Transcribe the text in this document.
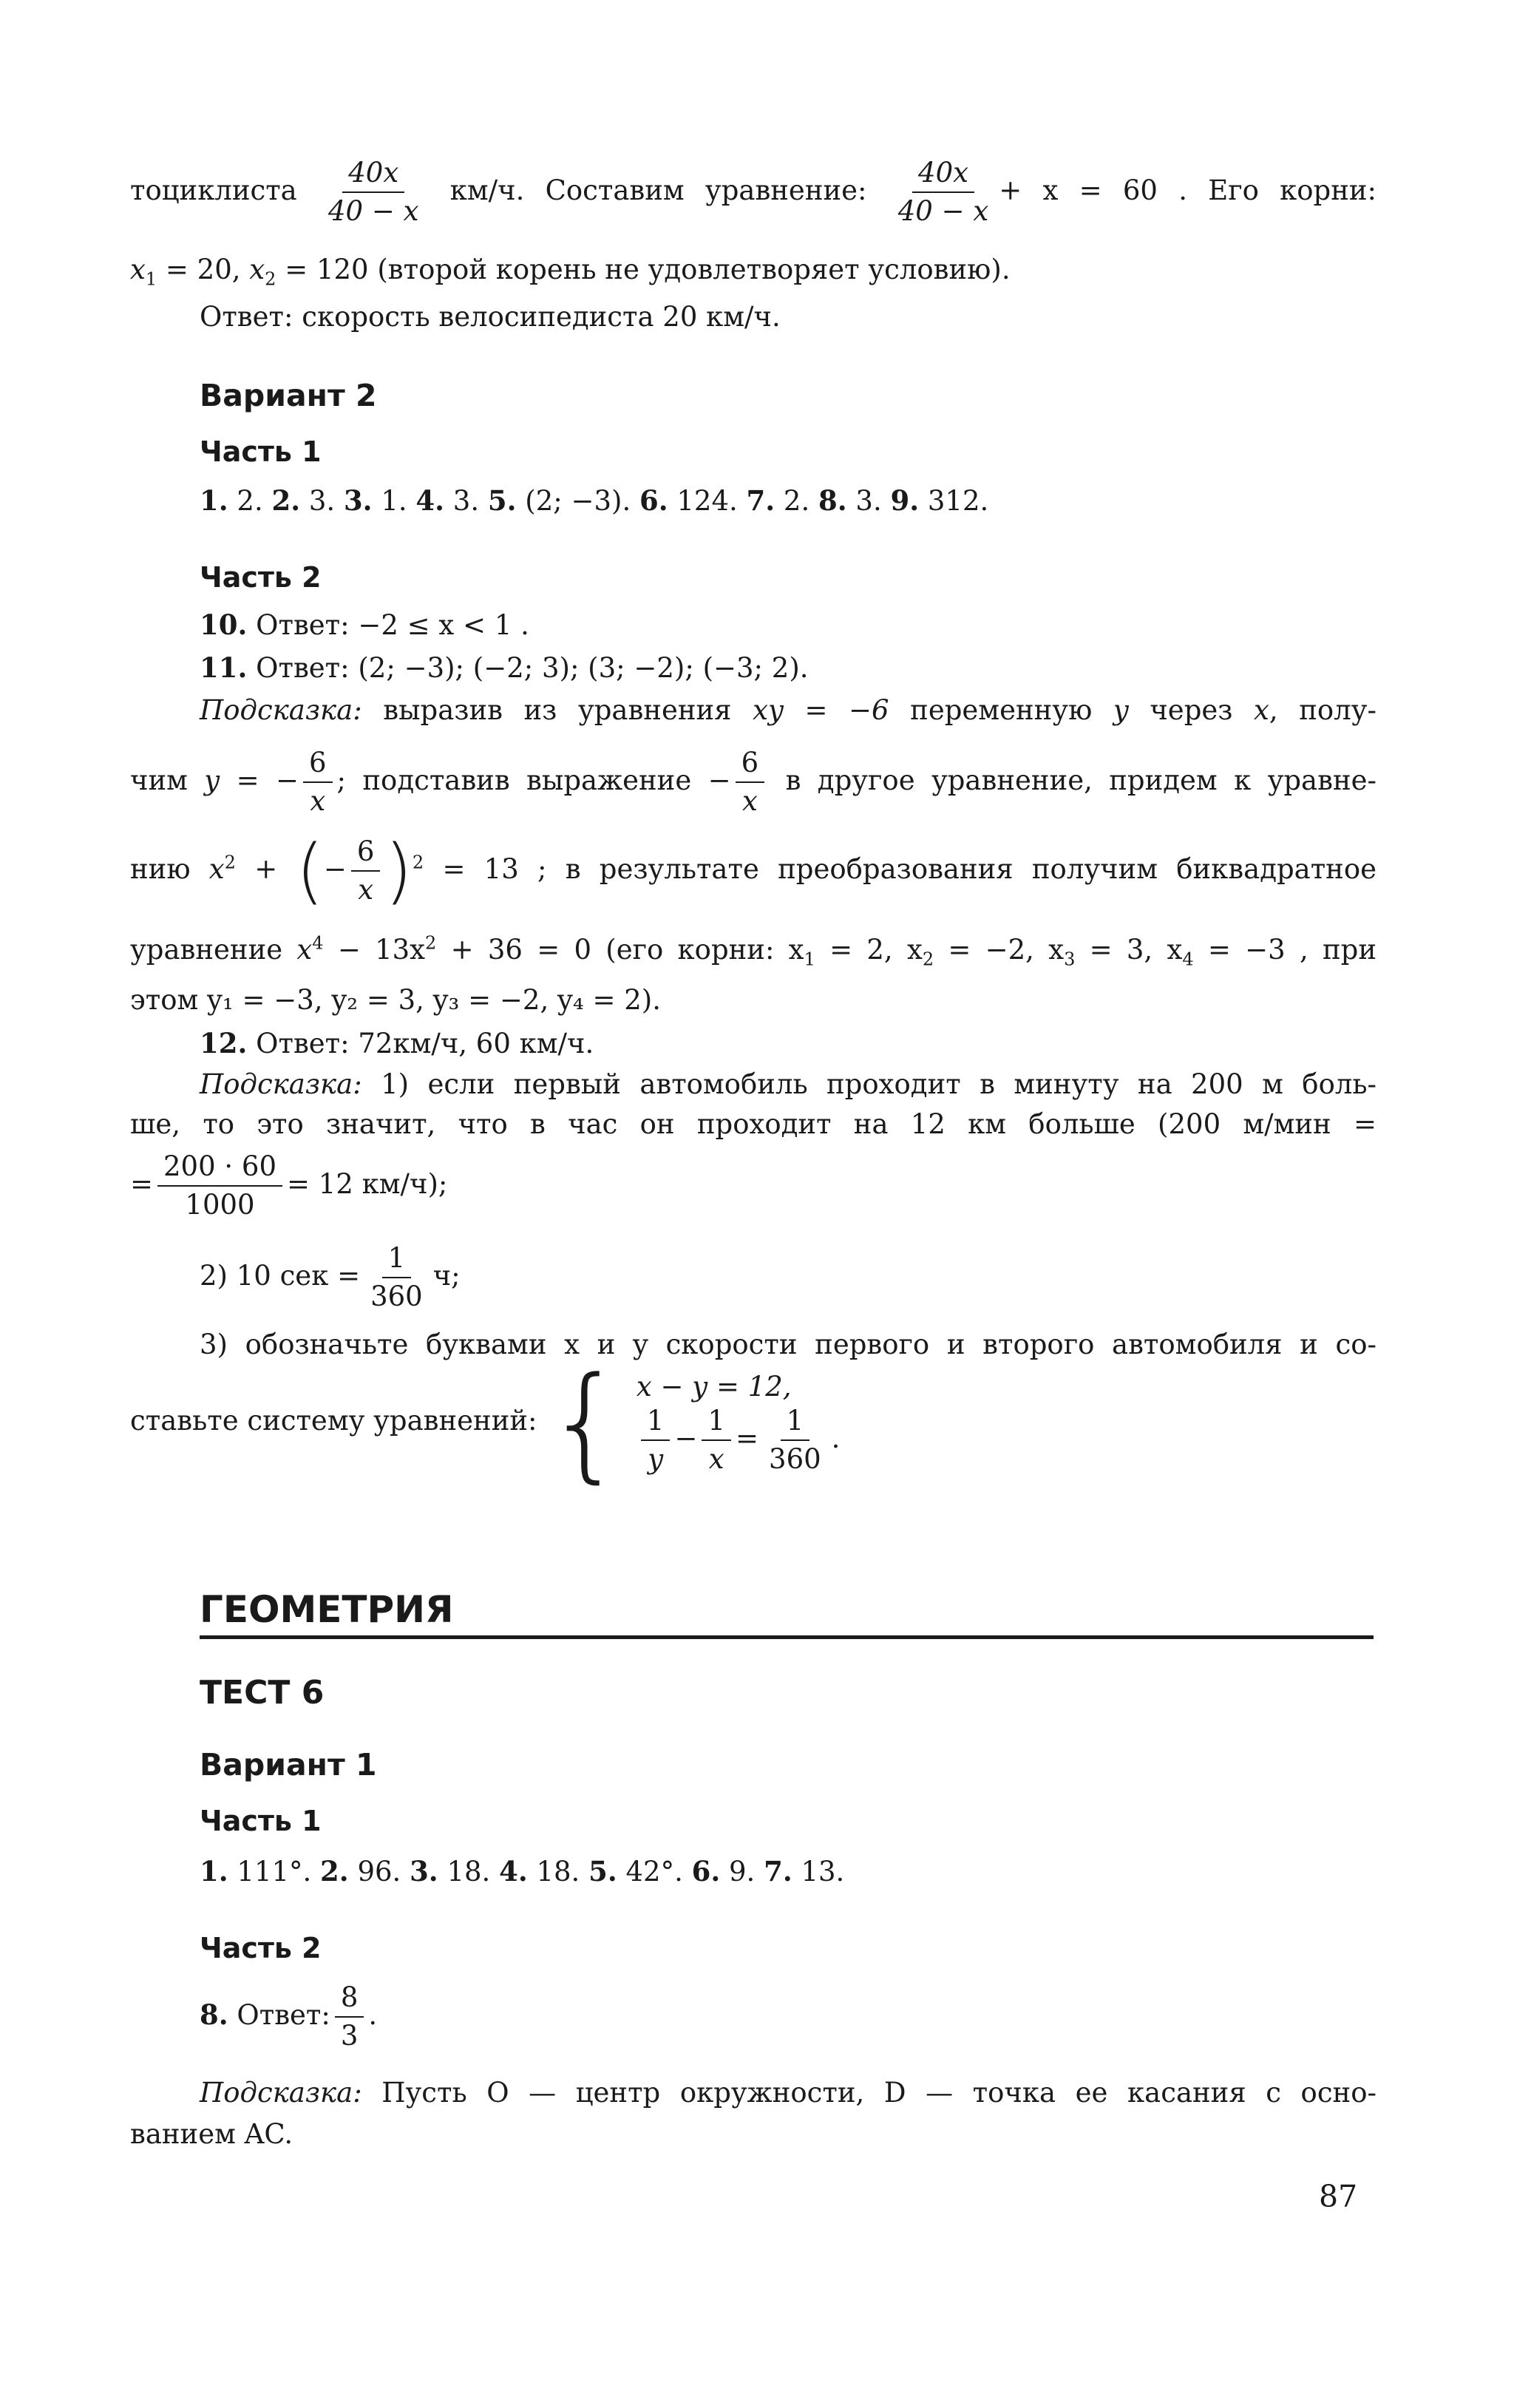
тоциклиста $\frac{40x}{40 - x} км/ч$. Составим уравнение: $\frac{40x}{40 - x} + x = 60$ . Его корни:
$x_1 = 20$, $x_2 = 120$ (второй корень не удовлетворяет условию).
Ответ: скорость велосипедиста 20 км/ч.
Вариант 2
Часть 1
1. 2. 2. 3. 3. 1. 4. 3. 5. (2; −3). 6. 124. 7. 2. 8. 3. 9. 312.
Часть 2
10. Ответ: −2 ≤ x < 1 .
11. Ответ: (2; −3); (−2; 3); (3; −2); (−3; 2).
Подсказка: выразив из уравнения xy = −6 переменную y через x, полу-
чим y = − $\frac{6}{x}$ ; подставив выражение − $\frac{6}{x}$ в другое уравнение, придем к уравне-
нию $x^2$ + (− $\frac{6}{x} )^2 = 13$ ; в результате преобразования получим биквадратное
уравнение $x^4 - 13x^2 + 36 = 0$ (его корни: $x_1 = 2$, $x_2 = -2$, $x_3 = 3$, $x_4 = -3$ , при
этом y₁ = −3, y₂ = 3, y₃ = −2, y₄ = 2).
12. Ответ: 72км/ч, 60 км/ч.
Подсказка: 1) если первый автомобиль проходит в минуту на 200 м боль-
ше, то это значит, что в час он проходит на 12 км больше (200 м/мин =
= $\frac{200 \cdot 60}{1000} = 12$ км/ч);
2) 10 сек = $\frac{1}{360} ч$;
3) обозначьте буквами x и y скорости первого и второго автомобиля и со-
ставьте систему уравнений: { x − y = 12,
$\frac{1}{y} - \frac{1}{x} = \frac{1}{360}$ .
ГЕОМЕТРИЯ
ТЕСТ 6
Вариант 1
Часть 1
1. 111°. 2. 96. 3. 18. 4. 18. 5. 42°. 6. 9. 7. 13.
Часть 2
8. Ответ: $\frac{8}{3}$ .
Подсказка: Пусть O — центр окружности, D — точка ее касания с осно-
ванием AC.
87
